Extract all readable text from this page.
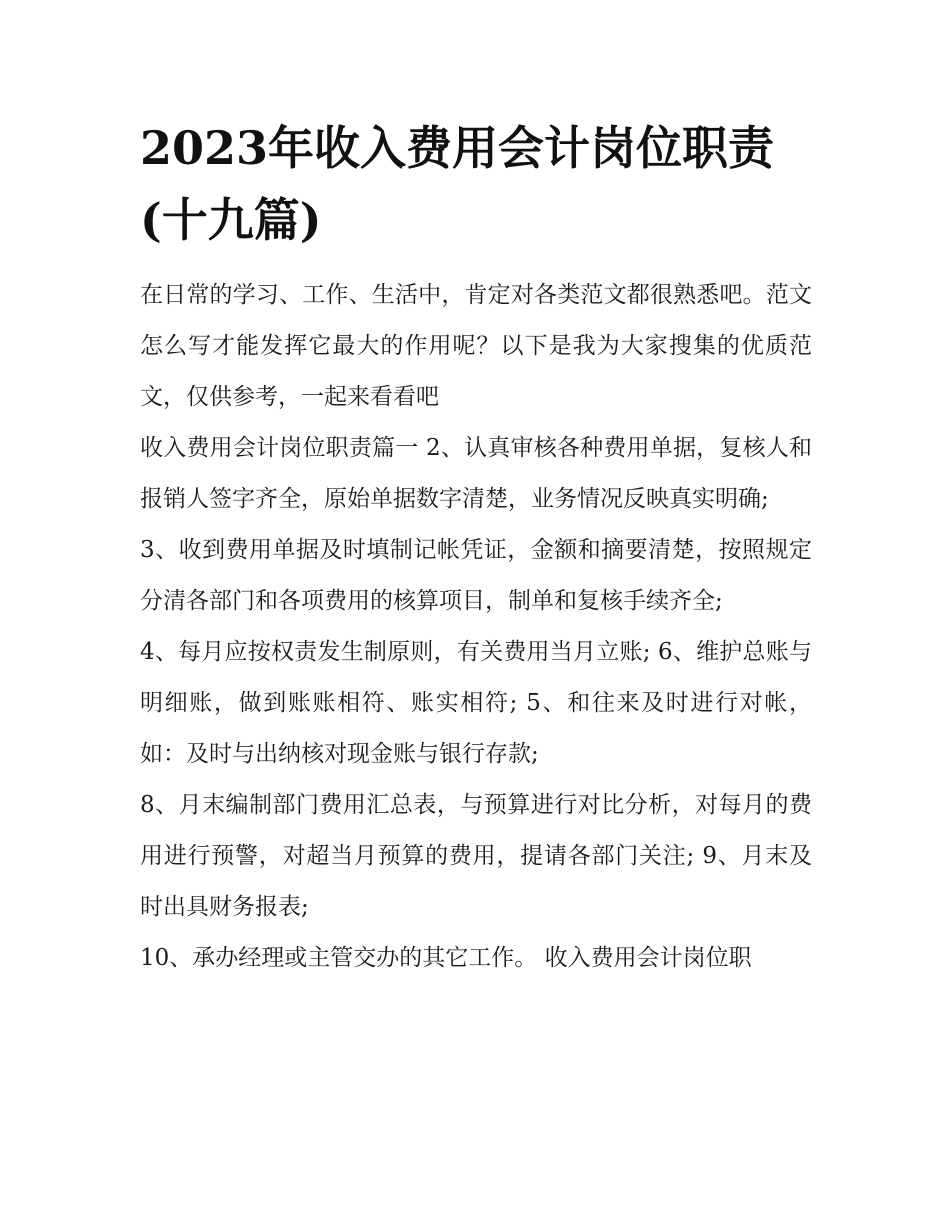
2023年收入费用会计岗位职责(十九篇)

在日常的学习、工作、生活中，肯定对各类范文都很熟悉吧。范文怎么写才能发挥它最大的作用呢？以下是我为大家搜集的优质范文，仅供参考，一起来看看吧

收入费用会计岗位职责篇一 2、认真审核各种费用单据，复核人和报销人签字齐全，原始单据数字清楚，业务情况反映真实明确;

3、收到费用单据及时填制记帐凭证，金额和摘要清楚，按照规定分清各部门和各项费用的核算项目，制单和复核手续齐全;

4、每月应按权责发生制原则，有关费用当月立账; 6、维护总账与明细账，做到账账相符、账实相符; 5、和往来及时进行对帐，如：及时与出纳核对现金账与银行存款;

8、月末编制部门费用汇总表，与预算进行对比分析，对每月的费用进行预警，对超当月预算的费用，提请各部门关注; 9、月末及时出具财务报表;

10、承办经理或主管交办的其它工作。 收入费用会计岗位职
